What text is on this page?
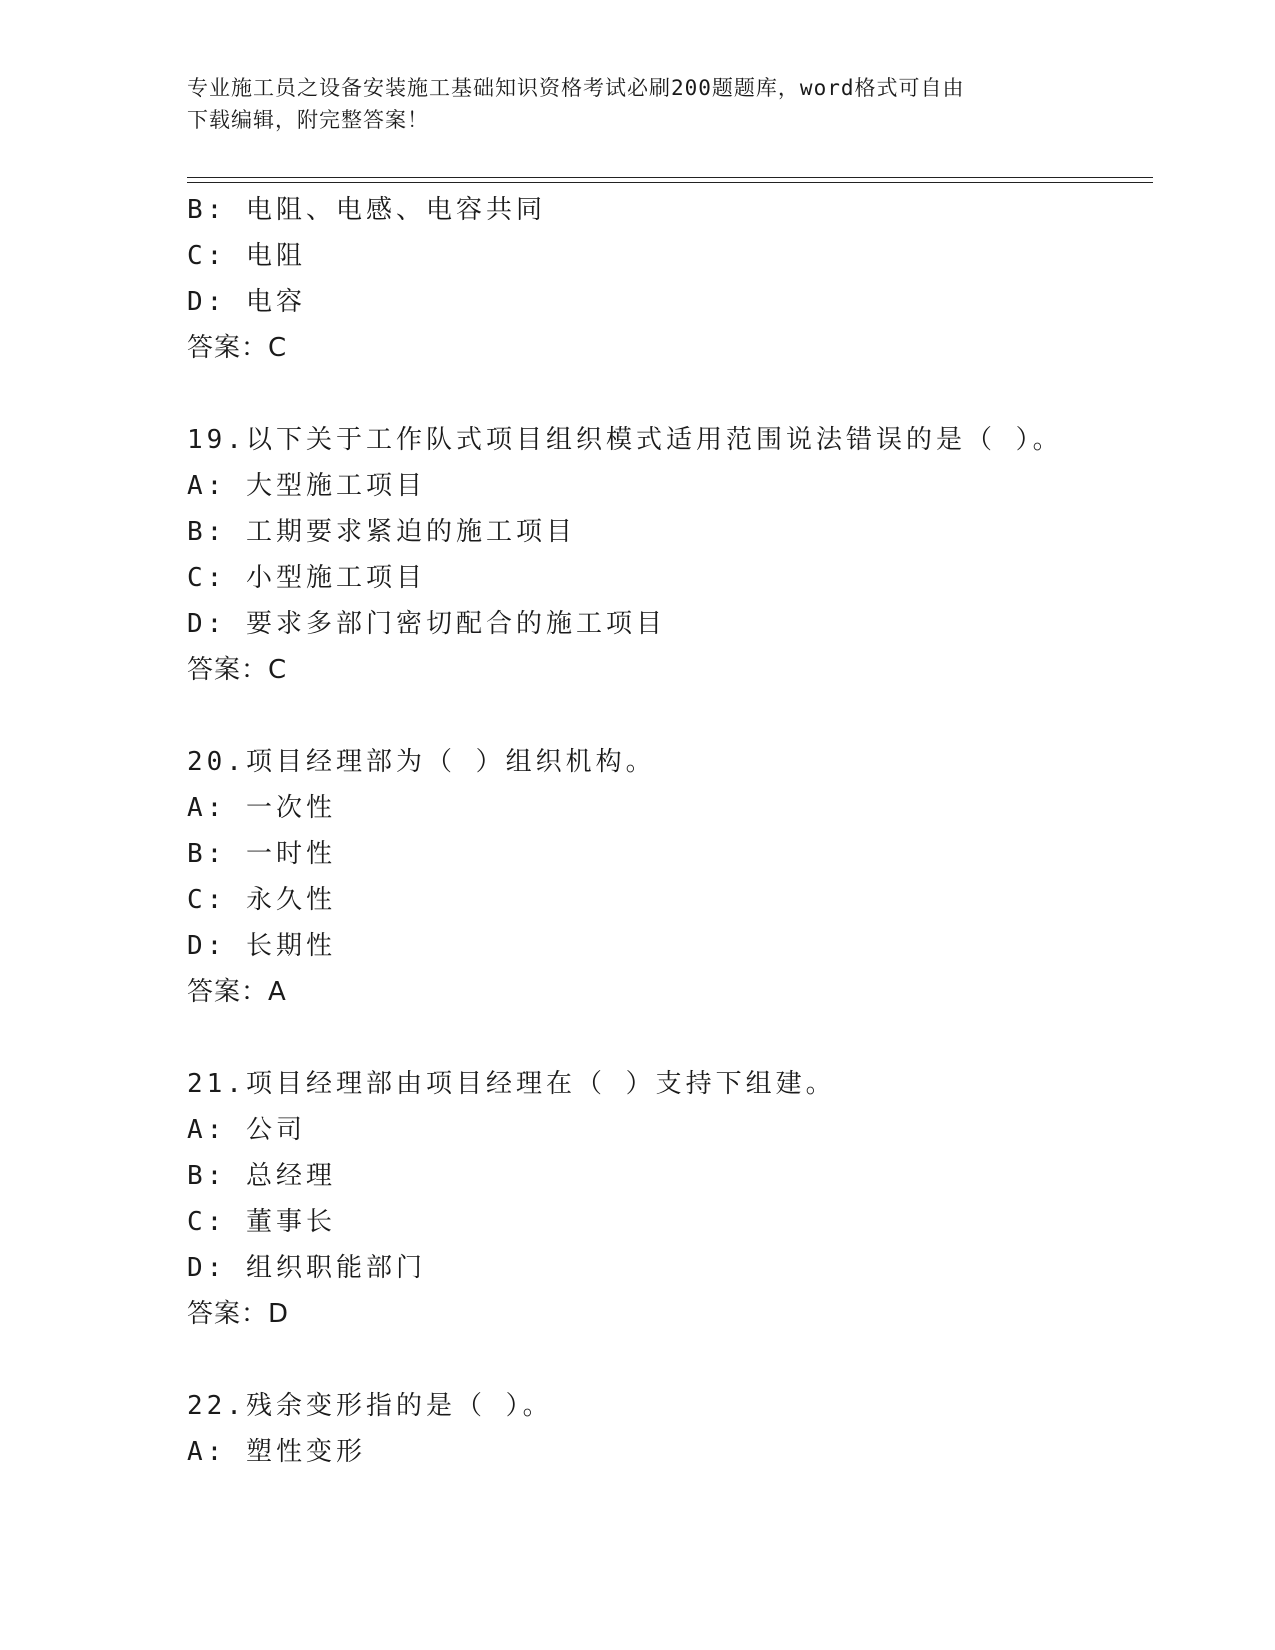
专业施工员之设备安装施工基础知识资格考试必刷200题题库，word格式可自由
下载编辑，附完整答案！
B: 电阻、电感、电容共同
C: 电阻
D: 电容
答案：C
19.以下关于工作队式项目组织模式适用范围说法错误的是（ ）。
A: 大型施工项目
B: 工期要求紧迫的施工项目
C: 小型施工项目
D: 要求多部门密切配合的施工项目
答案：C
20.项目经理部为（ ）组织机构。
A: 一次性
B: 一时性
C: 永久性
D: 长期性
答案：A
21.项目经理部由项目经理在（ ）支持下组建。
A: 公司
B: 总经理
C: 董事长
D: 组织职能部门
答案：D
22.残余变形指的是（ ）。
A: 塑性变形
